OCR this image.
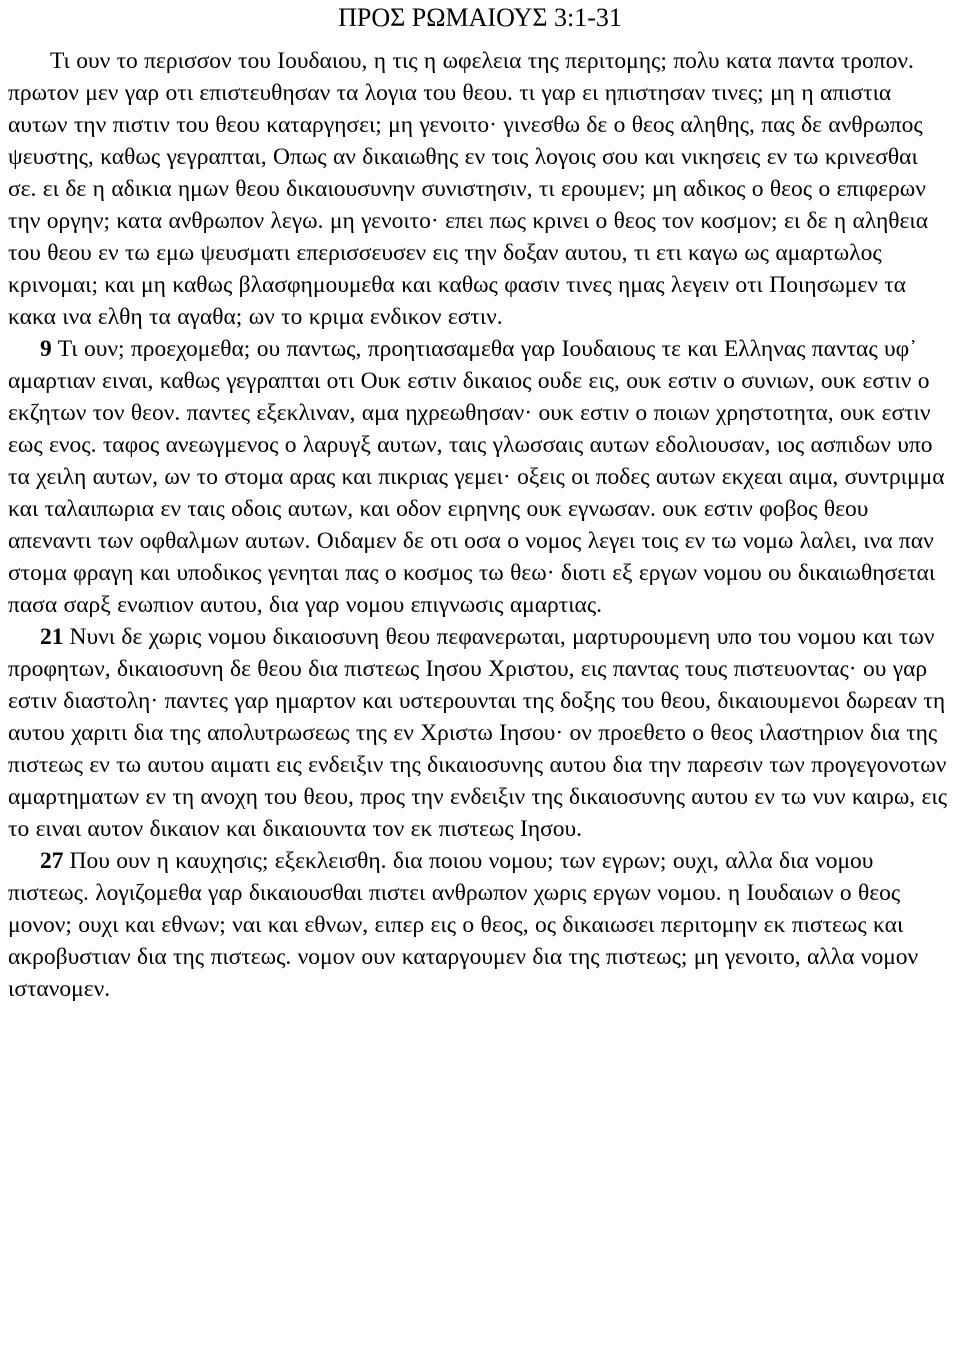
ΠΡΟΣ ΡΩΜΑΙΟΥΣ 3:1-31

Τι ουν το περισσον του Ιουδαιου, η τις η ωφελεια της περιτομης; πολυ κατα παντα τροπον. πρωτον μεν γαρ οτι επιστευθησαν τα λογια του θεου. τι γαρ ει ηπιστησαν τινες; μη η απιστια αυτων την πιστιν του θεου καταργησει; μη γενοιτο· γινεσθω δε ο θεος αληθης, πας δε ανθρωπος ψευστης, καθως γεγραπται, Οπως αν δικαιωθης εν τοις λογοις σου και νικησεις εν τω κρινεσθαι σε. ει δε η αδικια ημων θεου δικαιουσυνην συνιστησιν, τι ερουμεν; μη αδικος ο θεος ο επιφερων την οργην; κατα ανθρωπον λεγω. μη γενοιτο· επει πως κρινει ο θεος τον κοσμον; ει δε η αληθεια του θεου εν τω εμω ψευσματι επερισσευσεν εις την δοξαν αυτου, τι ετι καγω ως αμαρτωλος κρινομαι; και μη καθως βλασφημουμεθα και καθως φασιν τινες ημας λεγειν οτι Ποιησωμεν τα κακα ινα ελθη τα αγαθα; ων το κριμα ενδικον εστιν.

9 Τι ουν; προεχομεθα; ου παντως, προητιασαμεθα γαρ Ιουδαιους τε και Ελληνας παντας υφ᾽ αμαρτιαν ειναι, καθως γεγραπται οτι Ουκ εστιν δικαιος ουδε εις, ουκ εστιν ο συνιων, ουκ εστιν ο εκζητων τον θεον. παντες εξεκλιναν, αμα ηχρεωθησαν· ουκ εστιν ο ποιων χρηστοτητα, ουκ εστιν εως ενος. ταφος ανεωγμενος ο λαρυγξ αυτων, ταις γλωσσαις αυτων εδολιουσαν, ιος ασπιδων υπο τα χειλη αυτων, ων το στομα αρας και πικριας γεμει· οξεις οι ποδες αυτων εκχεαι αιμα, συντριμμα και ταλαιπωρια εν ταις οδοις αυτων, και οδον ειρηνης ουκ εγνωσαν. ουκ εστιν φοβος θεου απεναντι των οφθαλμων αυτων. Οιδαμεν δε οτι οσα ο νομος λεγει τοις εν τω νομω λαλει, ινα παν στομα φραγη και υποδικος γενηται πας ο κοσμος τω θεω· διοτι εξ εργων νομου ου δικαιωθησεται πασα σαρξ ενωπιον αυτου, δια γαρ νομου επιγνωσις αμαρτιας.

21 Νυνι δε χωρις νομου δικαιοσυνη θεου πεφανερωται, μαρτυρουμενη υπο του νομου και των προφητων, δικαιοσυνη δε θεου δια πιστεως Ιησου Χριστου, εις παντας τους πιστευοντας· ου γαρ εστιν διαστολη· παντες γαρ ημαρτον και υστερουνται της δοξης του θεου, δικαιουμενοι δωρεαν τη αυτου χαριτι δια της απολυτρωσεως της εν Χριστω Ιησου· ον προεθετο ο θεος ιλαστηριον δια της πιστεως εν τω αυτου αιματι εις ενδειξιν της δικαιοσυνης αυτου δια την παρεσιν των προγεγονοτων αμαρτηματων εν τη ανοχη του θεου, προς την ενδειξιν της δικαιοσυνης αυτου εν τω νυν καιρω, εις το ειναι αυτον δικαιον και δικαιουντα τον εκ πιστεως Ιησου.

27 Που ουν η καυχησις; εξεκλεισθη. δια ποιου νομου; των εγρων; ουχι, αλλα δια νομου πιστεως. λογιζομεθα γαρ δικαιουσθαι πιστει ανθρωπον χωρις εργων νομου. η Ιουδαιων ο θεος μονον; ουχι και εθνων; ναι και εθνων, ειπερ εις ο θεος, ος δικαιωσει περιτομην εκ πιστεως και ακροβυστιαν δια της πιστεως. νομον ουν καταργουμεν δια της πιστεως; μη γενοιτο, αλλα νομον ιστανομεν.
